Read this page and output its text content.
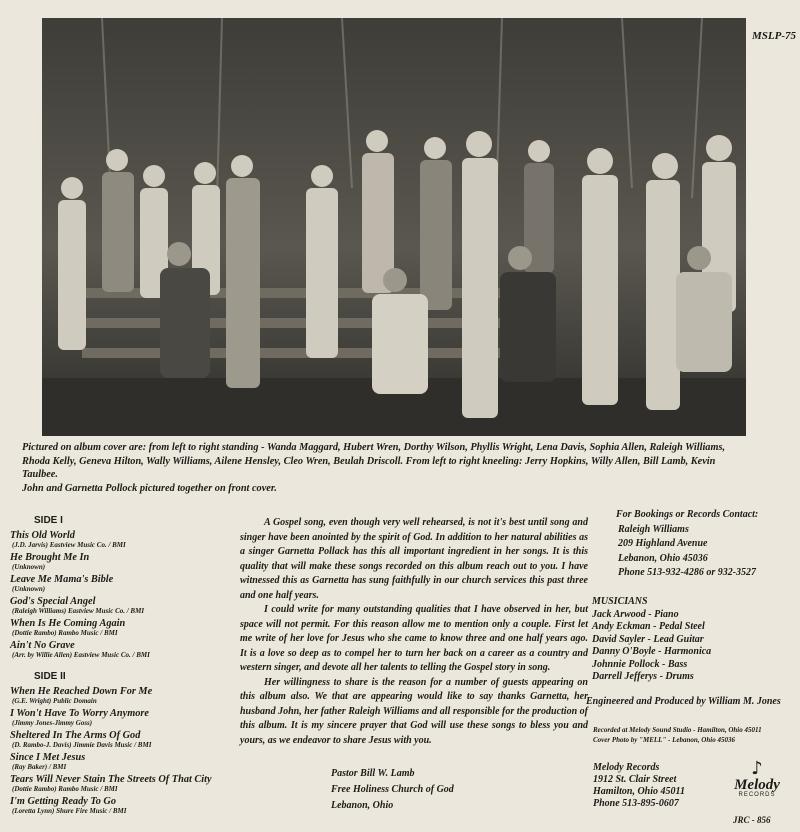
MSLP-75
Pictured on album cover are: from left to right standing - Wanda Maggard, Hubert Wren, Dorthy Wilson, Phyllis Wright, Lena Davis, Sophia Allen, Raleigh Williams,
Rhoda Kelly, Geneva Hilton, Wally Williams, Ailene Hensley, Cleo Wren, Beulah Driscoll. From left to right kneeling: Jerry Hopkins, Willy Allen, Bill Lamb, Kevin
Taulbee.
John and Garnetta Pollock pictured together on front cover.
SIDE I
This Old World
(J.D. Jarvis) Eastview Music Co. / BMI
He Brought Me In
(Unknown)
Leave Me Mama's Bible
(Unknown)
God's Special Angel
(Raleigh Williams) Eastview Music Co. / BMI
When Is He Coming Again
(Dottie Rambo) Rambo Music / BMI
Ain't No Grave
(Arr. by Willie Allen) Eastview Music Co. / BMI
SIDE II
When He Reached Down For Me
(G.E. Wright) Public Domain
I Won't Have To Worry Anymore
(Jimmy Jones-Jimmy Goss)
Sheltered In The Arms Of God
(D. Rambo-J. Davis) Jimmie Davis Music / BMI
Since I Met Jesus
(Ray Baker) / BMI
Tears Will Never Stain The Streets Of That City
(Dottie Rambo) Rambo Music / BMI
I'm Getting Ready To Go
(Loretta Lynn) Shure Fire Music / BMI

A Gospel song, even though very well rehearsed, is not it's best until song and singer have been anointed by the spirit of God. In addition to her natural abilities as a singer Garnetta Pollack has this all important ingredient in her songs. It is this quality that will make these songs recorded on this album reach out to you. I have witnessed this as Garnetta has sung faithfully in our church services this past three and one half years.

I could write for many outstanding qualities that I have observed in her, but space will not permit. For this reason allow me to mention only a couple. First let me write of her love for Jesus who she came to know three and one half years ago. It is a love so deep as to compel her to turn her back on a career as a country and western singer, and devote all her talents to telling the Gospel story in song.

Her willingness to share is the reason for a number of guests appearing on this album also. We that are appearing would like to say thanks Garnetta, her husband John, her father Raleigh Williams and all responsible for the production of this album. It is my sincere prayer that God will use these songs to bless you and yours, as we endeavor to share Jesus with you.

Pastor Bill W. Lamb
Free Holiness Church of God
Lebanon, Ohio
For Bookings or Records Contact:
Raleigh Williams
209 Highland Avenue
Lebanon, Ohio 45036
Phone 513-932-4286 or 932-3527
MUSICIANS
Jack Arwood - Piano
Andy Eckman - Pedal Steel
David Sayler - Lead Guitar
Danny O'Boyle - Harmonica
Johnnie Pollock - Bass
Darrell Jefferys - Drums
Engineered and Produced by William M. Jones
Recorded at Melody Sound Studio - Hamilton, Ohio 45011
Cover Photo by "MELL" - Lebanon, Ohio 45036
Melody Records
1912 St. Clair Street
Hamilton, Ohio 45011
Phone 513-895-0607
♪
Melody
RECORDS
JRC - 856
